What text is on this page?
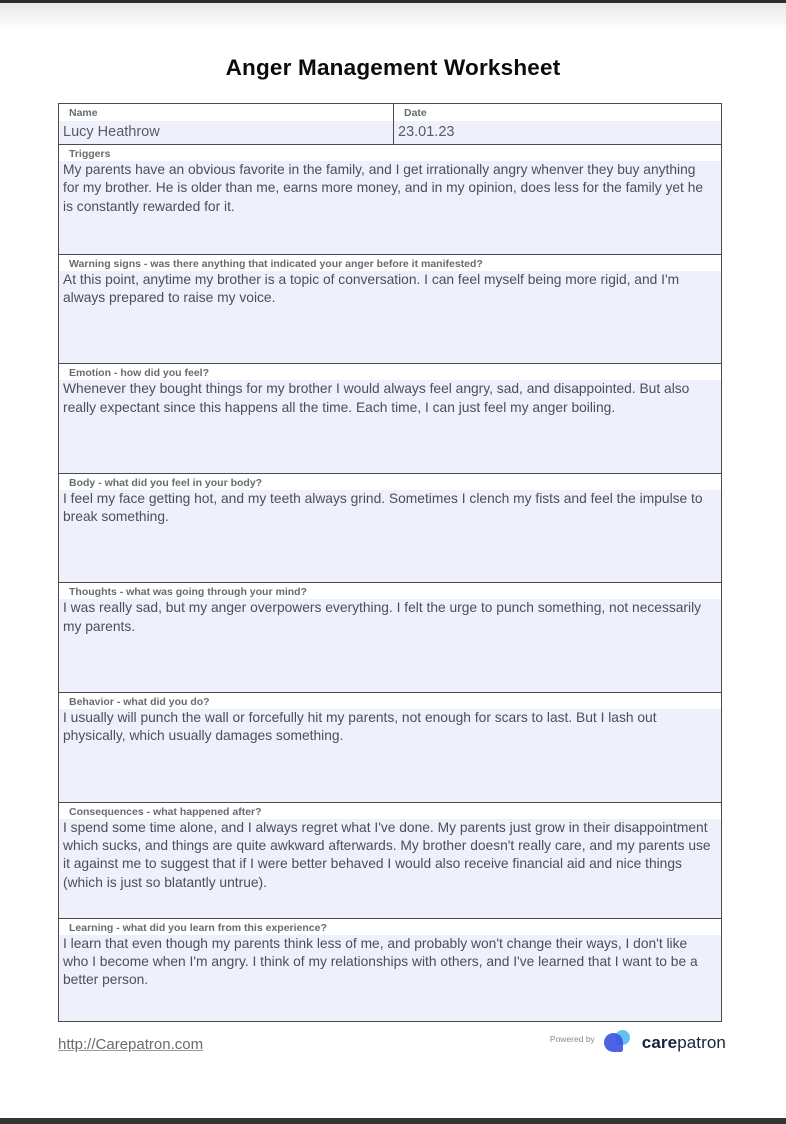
Anger Management Worksheet
Name
Lucy Heathrow
Date
23.01.23
Triggers
My parents have an obvious favorite in the family, and I get irrationally angry whenver they buy anything for my brother. He is older than me, earns more money, and in my opinion, does less for the family yet he is constantly rewarded for it.
Warning signs - was there anything that indicated your anger before it manifested?
At this point, anytime my brother is a topic of conversation. I can feel myself being more rigid, and I'm always prepared to raise my voice.
Emotion - how did you feel?
Whenever they bought things for my brother I would always feel angry, sad, and disappointed. But also really expectant since this happens all the time. Each time, I can just feel my anger boiling.
Body - what did you feel in your body?
I feel my face getting hot, and my teeth always grind. Sometimes I clench my fists and feel the impulse to break something.
Thoughts - what was going through your mind?
I was really sad, but my anger overpowers everything. I felt the urge to punch something, not necessarily my parents.
Behavior - what did you do?
I usually will punch the wall or forcefully hit my parents, not enough for scars to last. But I lash out physically, which usually damages something.
Consequences - what happened after?
I spend some time alone, and I always regret what I've done. My parents just grow in their disappointment which sucks, and things are quite awkward afterwards. My brother doesn't really care, and my parents use it against me to suggest that if I were better behaved I would also receive financial aid and nice things (which is just so blatantly untrue).
Learning - what did you learn from this experience?
I learn that even though my parents think less of me, and probably won't change their ways, I don't like who I become when I'm angry. I think of my relationships with others, and I've learned that I want to be a better person.
http://Carepatron.com	Powered by	carepatron
